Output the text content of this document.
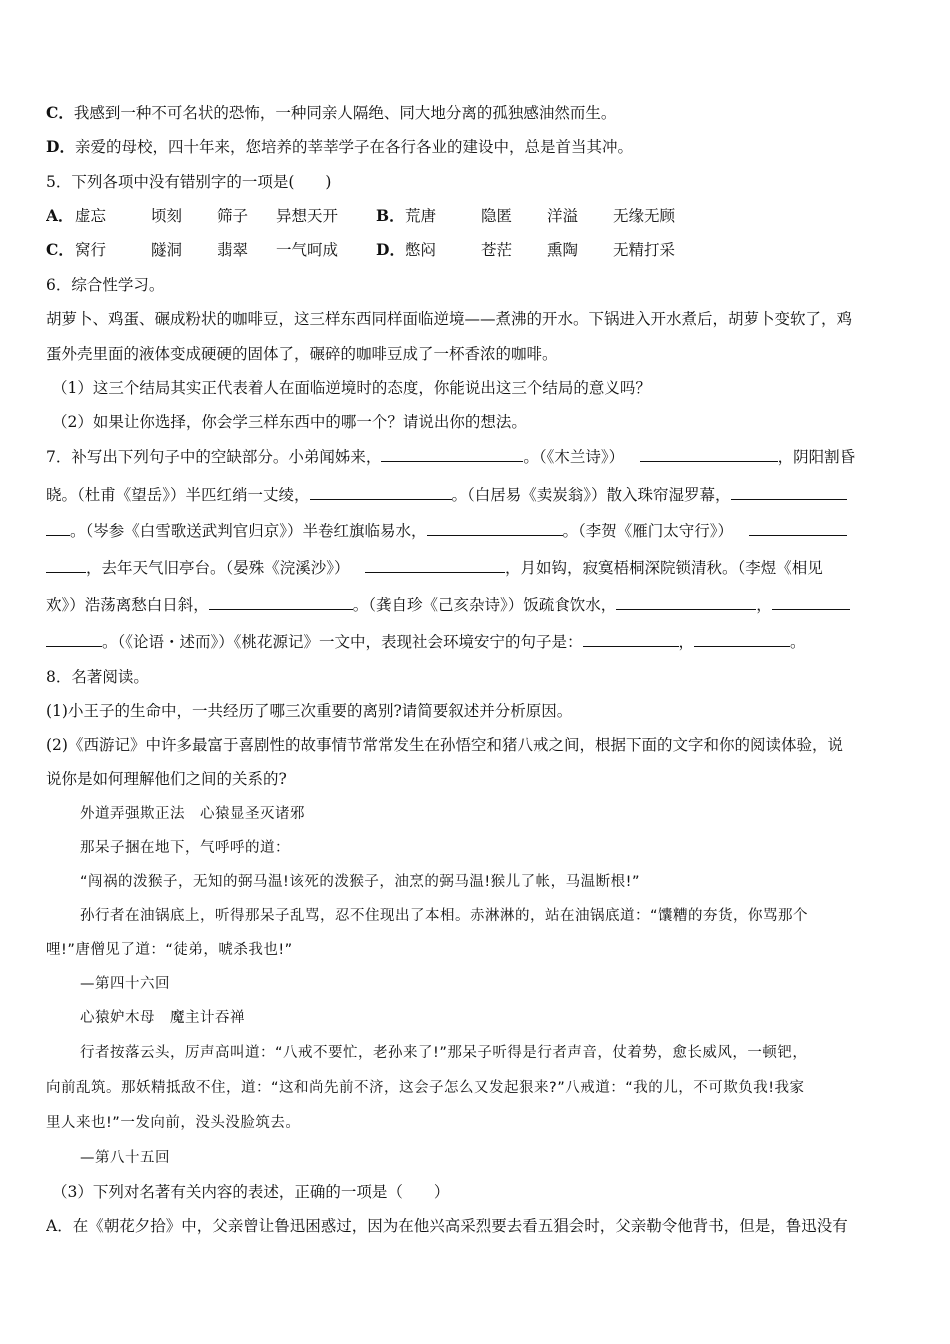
C．我感到一种不可名状的恐怖，一种同亲人隔绝、同大地分离的孤独感油然而生。
D．亲爱的母校，四十年来，您培养的莘莘学子在各行各业的建设中，总是首当其冲。
5．下列各项中没有错别字的一项是(　　)
A． 虚忘	顷刻 筛子 异想天开 B． 荒唐	隐匿 洋溢 无缘无顾
C． 窝行	隧洞 翡翠 一气呵成 D． 憋闷	苍茫 熏陶 无精打采
6．综合性学习。
胡萝卜、鸡蛋、碾成粉状的咖啡豆，这三样东西同样面临逆境——煮沸的开水。下锅进入开水煮后，胡萝卜变软了，鸡
蛋外壳里面的液体变成硬硬的固体了，碾碎的咖啡豆成了一杯香浓的咖啡。
（1）这三个结局其实正代表着人在面临逆境时的态度，你能说出这三个结局的意义吗？
（2）如果让你选择，你会学三样东西中的哪一个？请说出你的想法。
7．补写出下列句子中的空缺部分。小弟闻姊来，	。（《木兰诗》） 	，阴阳割昏
晓。（杜甫《望岳》）半匹红绡一丈绫，	。（白居易《卖炭翁》）散入珠帘湿罗幕，
。（岑参《白雪歌送武判官归京》）半卷红旗临易水，	。（李贺《雁门太守行》） 
，去年天气旧亭台。（晏殊《浣溪沙》） 	，月如钩，寂寞梧桐深院锁清秋。（李煜《相见
欢》）浩荡离愁白日斜，	。（龚自珍《己亥杂诗》）饭疏食饮水，	，
。（《论语・述而》）《桃花源记》一文中，表现社会环境安宁的句子是：	，	。
8．名著阅读。
(1)小王子的生命中，一共经历了哪三次重要的离别?请简要叙述并分析原因。
(2)《西游记》中许多最富于喜剧性的故事情节常常发生在孙悟空和猪八戒之间，根据下面的文字和你的阅读体验，说
说你是如何理解他们之间的关系的?
外道弄强欺正法　心猿显圣灭诸邪
那呆子捆在地下，气呼呼的道：
“闯祸的泼猴子，无知的弼马温!该死的泼猴子，油烹的弼马温!猴儿了帐，马温断根!”
孙行者在油锅底上，听得那呆子乱骂，忍不住现出了本相。赤淋淋的，站在油锅底道：“馕糟的夯货，你骂那个
哩!”唐僧见了道：“徒弟，唬杀我也!”
—第四十六回
心猿妒木母　魔主计吞禅
行者按落云头，厉声高叫道：“八戒不要忙，老孙来了!”那呆子听得是行者声音，仗着势，愈长威风，一顿钯，
向前乱筑。那妖精抵敌不住，道：“这和尚先前不济，这会子怎么又发起狠来?”八戒道：“我的儿，不可欺负我!我家
里人来也!”一发向前，没头没脸筑去。
—第八十五回
（3）下列对名著有关内容的表述，正确的一项是（　　）
A．在《朝花夕拾》中，父亲曾让鲁迅困惑过，因为在他兴高采烈要去看五猖会时，父亲勒令他背书，但是，鲁迅没有
